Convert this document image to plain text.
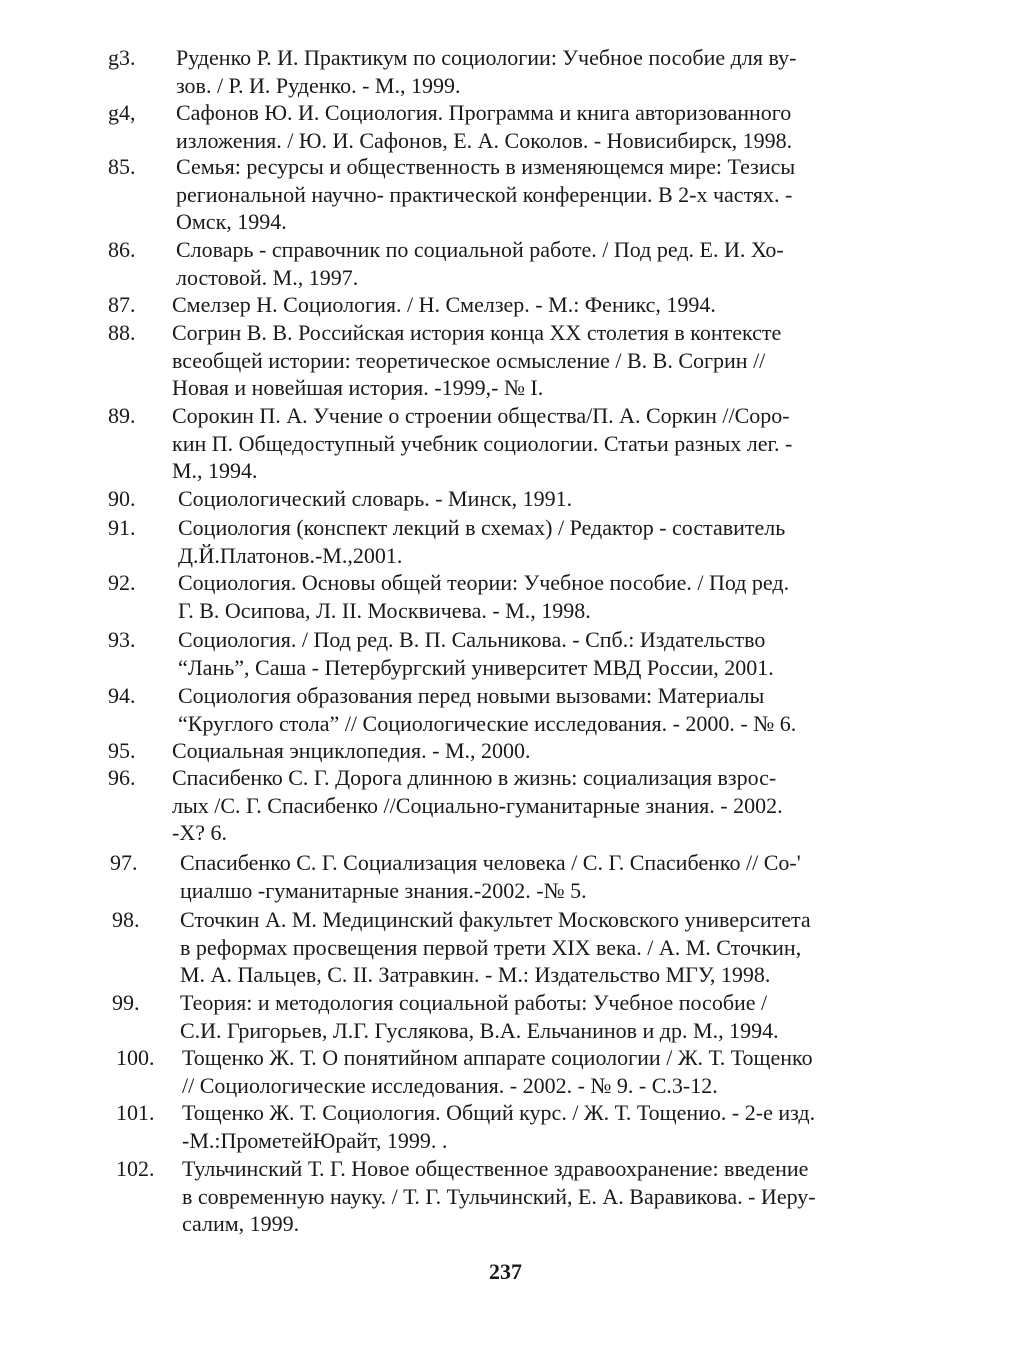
g3. Руденко Р. И. Практикум по социологии: Учебное пособие для ву-
зов. / Р. И. Руденко. - М., 1999.
g4, Сафонов Ю. И. Социология. Программа и книга авторизованного
изложения. / Ю. И. Сафонов, Е. А. Соколов. - Новисибирск, 1998.
85. Семья: ресурсы и общественность в изменяющемся мире: Тезисы
региональной научно- практической конференции. В 2-х частях. -
Омск, 1994.
86. Словарь - справочник по социальной работе. / Под ред. Е. И. Хо-
лостовой. М., 1997.
87. Смелзер Н. Социология. / Н. Смелзер. - М.: Феникс, 1994.
88. Согрин В. В. Российская история конца XX столетия в контексте
всеобщей истории: теоретическое осмысление / В. В. Согрин //
Новая и новейшая история. -1999,- № I.
89. Сорокин П. А. Учение о строении общества/П. А. Соркин //Соро-
кин П. Общедоступный учебник социологии. Статьи разных лег. -
М., 1994.
90. Социологический словарь. - Минск, 1991.
91. Социология (конспект лекций в схемах) / Редактор - составитель
Д.Й.Платонов.-М.,2001.
92. Социология. Основы общей теории: Учебное пособие. / Под ред.
Г. В. Осипова, Л. II. Москвичева. - М., 1998.
93. Социология. / Под ред. В. П. Сальникова. - Спб.: Издательство
“Лань”, Саша - Петербургский университет МВД России, 2001.
94. Социология образования перед новыми вызовами: Материалы
“Круглого стола” // Социологические исследования. - 2000. - № 6.
95. Социальная энциклопедия. - М., 2000.
96. Спасибенко С. Г. Дорога длинною в жизнь: социализация взрос-
лых /С. Г. Спасибенко //Социально-гуманитарные знания. - 2002.
-X? 6.
97. Спасибенко С. Г. Социализация человека / С. Г. Спасибенко // Со-'
циалшо -гуманитарные знания.-2002. -№ 5.
98. Сточкин А. М. Медицинский факультет Московского университета
в реформах просвещения первой трети XIX века. / А. М. Сточкин,
М. А. Пальцев, С. II. Затравкин. - М.: Издательство МГУ, 1998.
99. Теория: и методология социальной работы: Учебное пособие /
С.И. Григорьев, Л.Г. Гуслякова, В.А. Ельчанинов и др. М., 1994.
100. Тощенко Ж. Т. О понятийном аппарате социологии / Ж. Т. Тощенко
// Социологические исследования. - 2002. - № 9. - С.3-12.
101. Тощенко Ж. Т. Социология. Общий курс. / Ж. Т. Тощенио. - 2-е изд.
-М.:ПрометейЮрайт, 1999. .
102. Тульчинский Т. Г. Новое общественное здравоохранение: введение
в современную науку. / Т. Г. Тульчинский, Е. А. Варавикова. - Иеру-
салим, 1999.
237
